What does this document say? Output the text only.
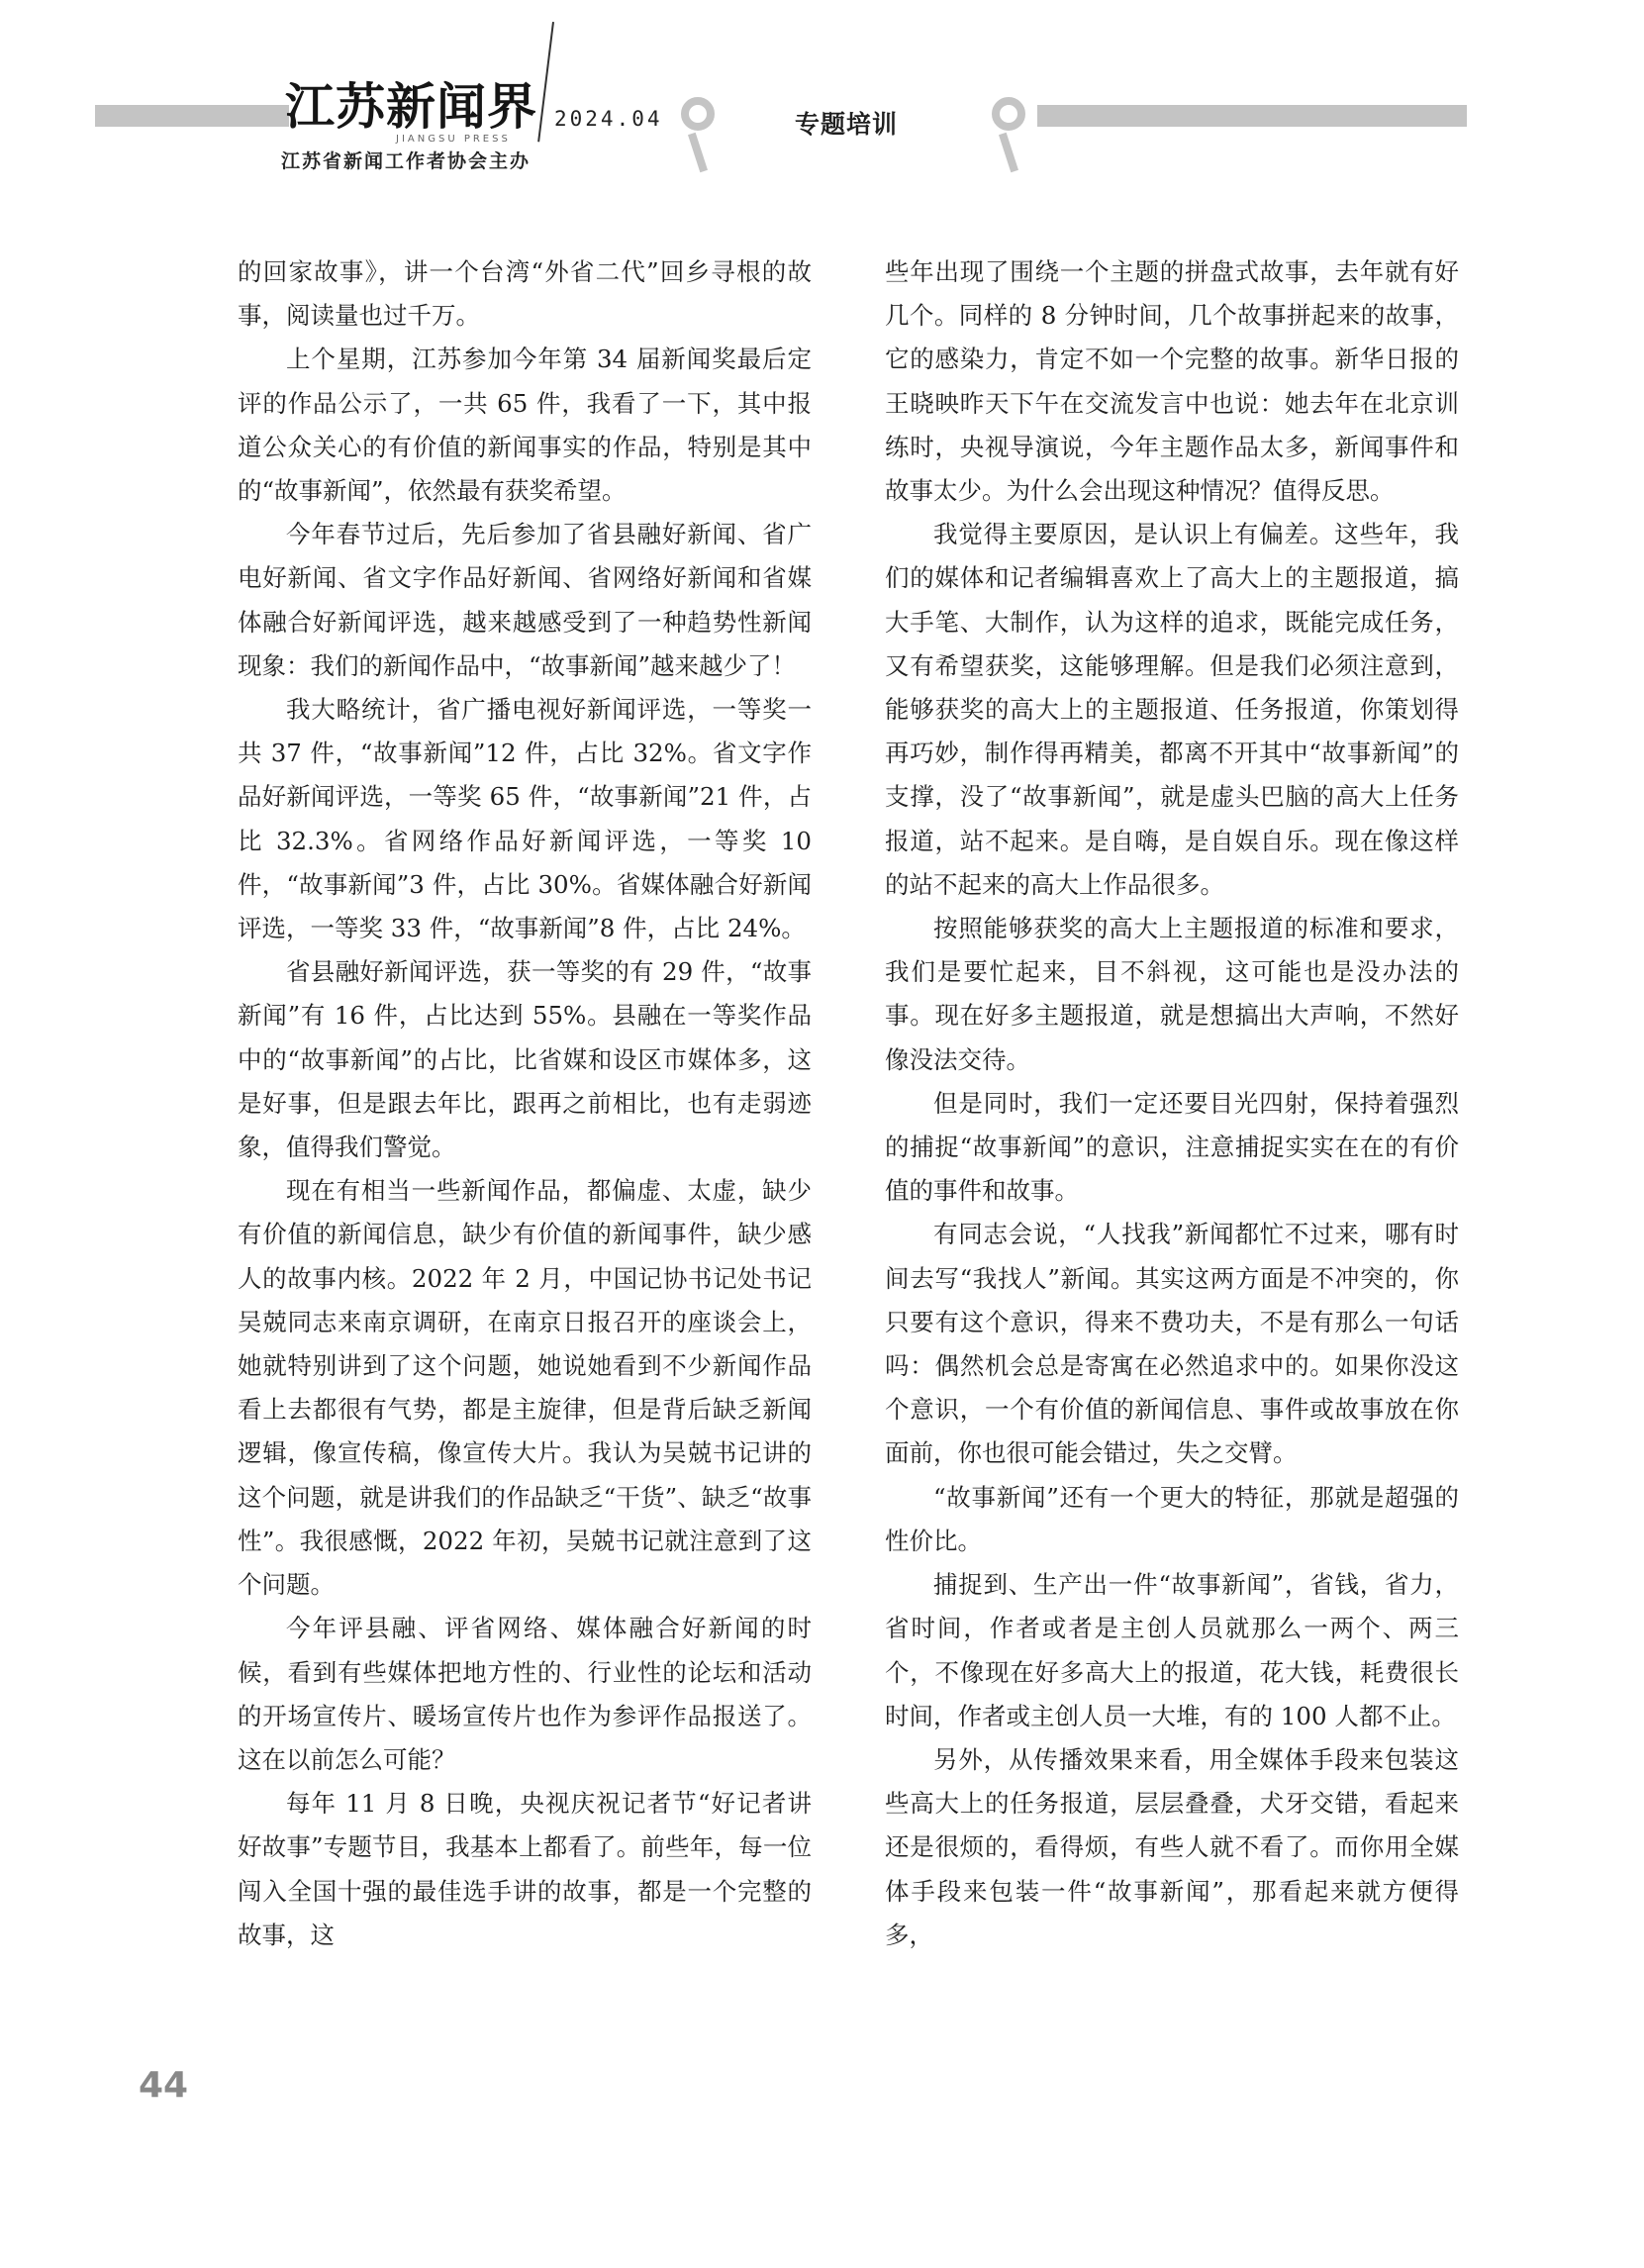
江苏新闻界
JIANGSU PRESS
江苏省新闻工作者协会主办
2024.04	专题培训

的回家故事》，讲一个台湾“外省二代”回乡寻根的故事，阅读量也过千万。

上个星期，江苏参加今年第 34 届新闻奖最后定评的作品公示了，一共 65 件，我看了一下，其中报道公众关心的有价值的新闻事实的作品，特别是其中的“故事新闻”，依然最有获奖希望。

今年春节过后，先后参加了省县融好新闻、省广电好新闻、省文字作品好新闻、省网络好新闻和省媒体融合好新闻评选，越来越感受到了一种趋势性新闻现象：我们的新闻作品中，“故事新闻”越来越少了！

我大略统计，省广播电视好新闻评选，一等奖一共 37 件，“故事新闻”12 件，占比 32%。省文字作品好新闻评选，一等奖 65 件，“故事新闻”21 件，占比 32.3%。省网络作品好新闻评选，一等奖 10 件，“故事新闻”3 件，占比 30%。省媒体融合好新闻评选，一等奖 33 件，“故事新闻”8 件，占比 24%。

省县融好新闻评选，获一等奖的有 29 件，“故事新闻”有 16 件，占比达到 55%。县融在一等奖作品中的“故事新闻”的占比，比省媒和设区市媒体多，这是好事，但是跟去年比，跟再之前相比，也有走弱迹象，值得我们警觉。

现在有相当一些新闻作品，都偏虚、太虚，缺少有价值的新闻信息，缺少有价值的新闻事件，缺少感人的故事内核。2022 年 2 月，中国记协书记处书记吴兢同志来南京调研，在南京日报召开的座谈会上，她就特别讲到了这个问题，她说她看到不少新闻作品看上去都很有气势，都是主旋律，但是背后缺乏新闻逻辑，像宣传稿，像宣传大片。我认为吴兢书记讲的这个问题，就是讲我们的作品缺乏“干货”、缺乏“故事性”。我很感慨，2022 年初，吴兢书记就注意到了这个问题。

今年评县融、评省网络、媒体融合好新闻的时候，看到有些媒体把地方性的、行业性的论坛和活动的开场宣传片、暖场宣传片也作为参评作品报送了。这在以前怎么可能？

每年 11 月 8 日晚，央视庆祝记者节“好记者讲好故事”专题节目，我基本上都看了。前些年，每一位闯入全国十强的最佳选手讲的故事，都是一个完整的故事，这

些年出现了围绕一个主题的拼盘式故事，去年就有好几个。同样的 8 分钟时间，几个故事拼起来的故事，它的感染力，肯定不如一个完整的故事。新华日报的王晓映昨天下午在交流发言中也说：她去年在北京训练时，央视导演说，今年主题作品太多，新闻事件和故事太少。为什么会出现这种情况？值得反思。

我觉得主要原因，是认识上有偏差。这些年，我们的媒体和记者编辑喜欢上了高大上的主题报道，搞大手笔、大制作，认为这样的追求，既能完成任务，又有希望获奖，这能够理解。但是我们必须注意到，能够获奖的高大上的主题报道、任务报道，你策划得再巧妙，制作得再精美，都离不开其中“故事新闻”的支撑，没了“故事新闻”，就是虚头巴脑的高大上任务报道，站不起来。是自嗨，是自娱自乐。现在像这样的站不起来的高大上作品很多。

按照能够获奖的高大上主题报道的标准和要求，我们是要忙起来，目不斜视，这可能也是没办法的事。现在好多主题报道，就是想搞出大声响，不然好像没法交待。

但是同时，我们一定还要目光四射，保持着强烈的捕捉“故事新闻”的意识，注意捕捉实实在在的有价值的事件和故事。

有同志会说，“人找我”新闻都忙不过来，哪有时间去写“我找人”新闻。其实这两方面是不冲突的，你只要有这个意识，得来不费功夫，不是有那么一句话吗：偶然机会总是寄寓在必然追求中的。如果你没这个意识，一个有价值的新闻信息、事件或故事放在你面前，你也很可能会错过，失之交臂。

“故事新闻”还有一个更大的特征，那就是超强的性价比。

捕捉到、生产出一件“故事新闻”，省钱，省力，省时间，作者或者是主创人员就那么一两个、两三个，不像现在好多高大上的报道，花大钱，耗费很长时间，作者或主创人员一大堆，有的 100 人都不止。

另外，从传播效果来看，用全媒体手段来包装这些高大上的任务报道，层层叠叠，犬牙交错，看起来还是很烦的，看得烦，有些人就不看了。而你用全媒体手段来包装一件“故事新闻”，那看起来就方便得多，

44
